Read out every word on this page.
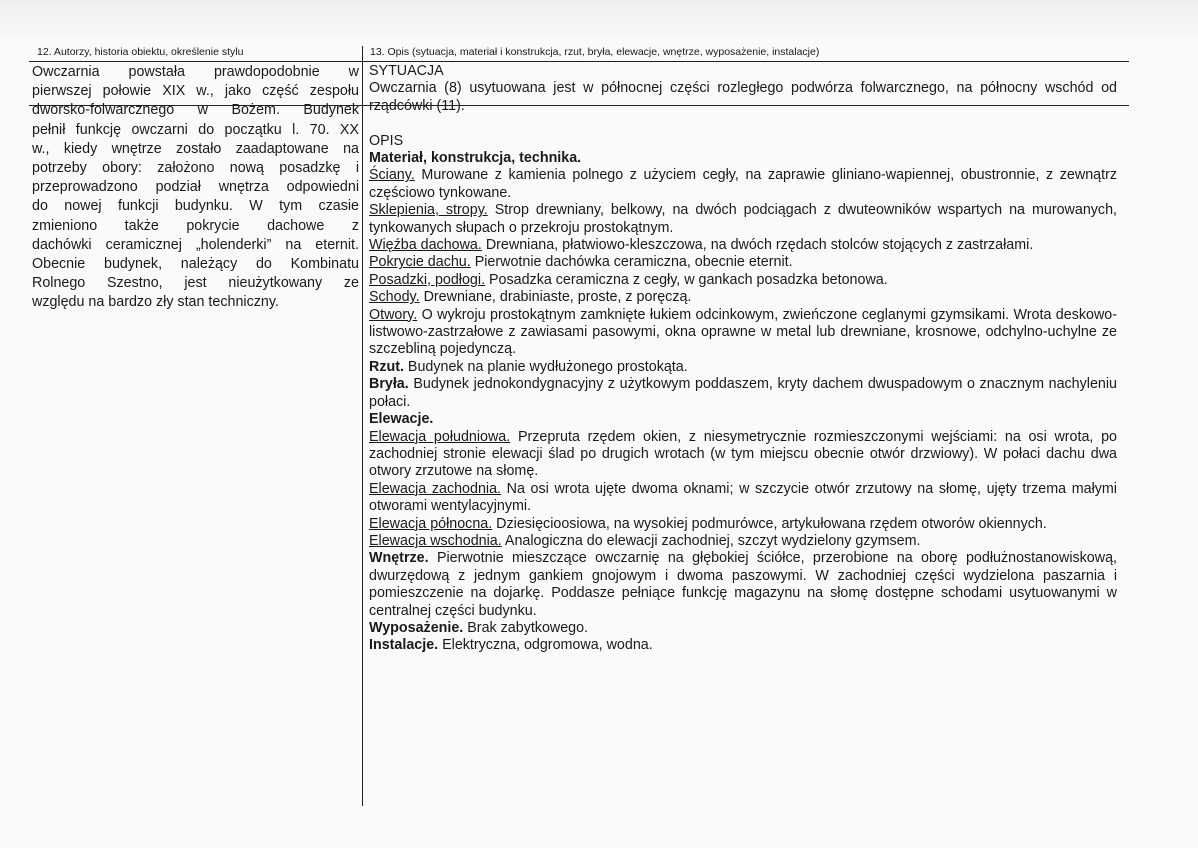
12. Autorzy, historia obiektu, określenie stylu	13. Opis (sytuacja, materiał i konstrukcja, rzut, bryła, elewacje, wnętrze, wyposażenie, instalacje)

Owczarnia powstała prawdopodobnie w

pierwszej połowie XIX w., jako część zespołu

dworsko-folwarcznego w Bożem. Budynek

pełnił funkcję owczarni do początku l. 70. XX

w., kiedy wnętrze zostało zaadaptowane na

potrzeby obory: założono nową posadzkę i

przeprowadzono podział wnętrza odpowiedni

do nowej funkcji budynku. W tym czasie

zmieniono także pokrycie dachowe z

dachówki ceramicznej „holenderki” na eternit.

Obecnie budynek, należący do Kombinatu

Rolnego Szestno, jest nieużytkowany ze

względu na bardzo zły stan techniczny.

SYTUACJA

Owczarnia (8) usytuowana jest w północnej części rozległego podwórza folwarcznego, na północny wschód od rządcówki (11).

OPIS

Materiał, konstrukcja, technika.

Ściany. Murowane z kamienia polnego z użyciem cegły, na zaprawie gliniano-wapiennej, obustronnie, z zewnątrz częściowo tynkowane.

Sklepienia, stropy. Strop drewniany, belkowy, na dwóch podciągach z dwuteowników wspartych na murowanych, tynkowanych słupach o przekroju prostokątnym.

Więźba dachowa. Drewniana, płatwiowo-kleszczowa, na dwóch rzędach stolców stojących z zastrzałami.

Pokrycie dachu. Pierwotnie dachówka ceramiczna, obecnie eternit.

Posadzki, podłogi. Posadzka ceramiczna z cegły, w gankach posadzka betonowa.

Schody. Drewniane, drabiniaste, proste, z poręczą.

Otwory. O wykroju prostokątnym zamknięte łukiem odcinkowym, zwieńczone ceglanymi gzymsikami. Wrota deskowo-listwowo-zastrzałowe z zawiasami pasowymi, okna oprawne w metal lub drewniane, krosnowe, odchylno-uchylne ze szczebliną pojedynczą.

Rzut. Budynek na planie wydłużonego prostokąta.

Bryła. Budynek jednokondygnacyjny z użytkowym poddaszem, kryty dachem dwuspadowym o znacznym nachyleniu połaci.

Elewacje.

Elewacja południowa. Przepruta rzędem okien, z niesymetrycznie rozmieszczonymi wejściami: na osi wrota, po zachodniej stronie elewacji ślad po drugich wrotach (w tym miejscu obecnie otwór drzwiowy). W połaci dachu dwa otwory zrzutowe na słomę.

Elewacja zachodnia. Na osi wrota ujęte dwoma oknami; w szczycie otwór zrzutowy na słomę, ujęty trzema małymi otworami wentylacyjnymi.

Elewacja północna. Dziesięcioosiowa, na wysokiej podmurówce, artykułowana rzędem otworów okiennych.

Elewacja wschodnia. Analogiczna do elewacji zachodniej, szczyt wydzielony gzymsem.

Wnętrze. Pierwotnie mieszczące owczarnię na głębokiej ściółce, przerobione na oborę podłużnostanowiskową, dwurzędową z jednym gankiem gnojowym i dwoma paszowymi. W zachodniej części wydzielona paszarnia i pomieszczenie na dojarkę. Poddasze pełniące funkcję magazynu na słomę dostępne schodami usytuowanymi w centralnej części budynku.

Wyposażenie. Brak zabytkowego.

Instalacje. Elektryczna, odgromowa, wodna.
